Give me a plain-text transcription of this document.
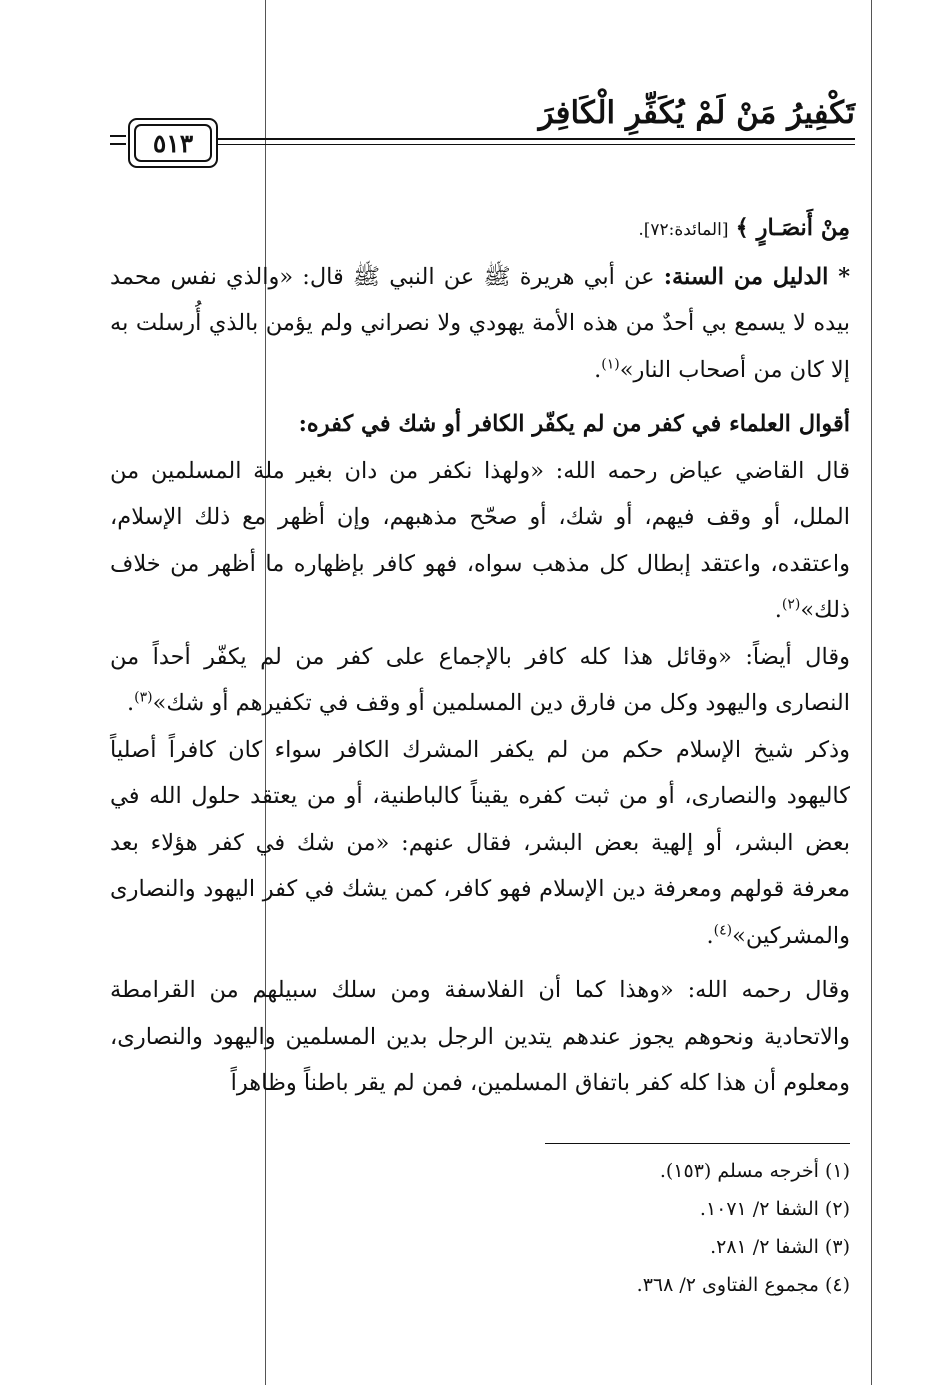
تَكْفِيرُ مَنْ لَمْ يُكَفِّرِ الْكَافِرَ
٥١٣

مِنْ أَنصَـارٍ ﴾ [المائدة:٧٢].

* الدليل من السنة: عن أبي هريرة ﷺ عن النبي ﷺ قال: «والذي نفس محمد بيده لا يسمع بي أحدٌ من هذه الأمة يهودي ولا نصراني ولم يؤمن بالذي أُرسلت به إلا كان من أصحاب النار»$^{(١)}$.

أقوال العلماء في كفر من لم يكفّر الكافر أو شك في كفره:

قال القاضي عياض رحمه الله: «ولهذا نكفر من دان بغير ملة المسلمين من الملل، أو وقف فيهم، أو شك، أو صحّح مذهبهم، وإن أظهر مع ذلك الإسلام، واعتقده، واعتقد إبطال كل مذهب سواه، فهو كافر بإظهاره ما أظهر من خلاف ذلك»$^{(٢)}$.

وقال أيضاً: «وقائل هذا كله كافر بالإجماع على كفر من لم يكفّر أحداً من النصارى واليهود وكل من فارق دين المسلمين أو وقف في تكفيرهم أو شك»$^{(٣)}$.

وذكر شيخ الإسلام حكم من لم يكفر المشرك الكافر سواء كان كافراً أصلياً كاليهود والنصارى، أو من ثبت كفره يقيناً كالباطنية، أو من يعتقد حلول الله في بعض البشر، أو إلهية بعض البشر، فقال عنهم: «من شك في كفر هؤلاء بعد معرفة قولهم ومعرفة دين الإسلام فهو كافر، كمن يشك في كفر اليهود والنصارى والمشركين»$^{(٤)}$.

وقال رحمه الله: «وهذا كما أن الفلاسفة ومن سلك سبيلهم من القرامطة والاتحادية ونحوهم يجوز عندهم يتدين الرجل بدين المسلمين واليهود والنصارى، ومعلوم أن هذا كله كفر باتفاق المسلمين، فمن لم يقر باطناً وظاهراً

(١) أخرجه مسلم (١٥٣).
(٢) الشفا ٢/ ١٠٧١.
(٣) الشفا ٢/ ٢٨١.
(٤) مجموع الفتاوى ٢/ ٣٦٨.
